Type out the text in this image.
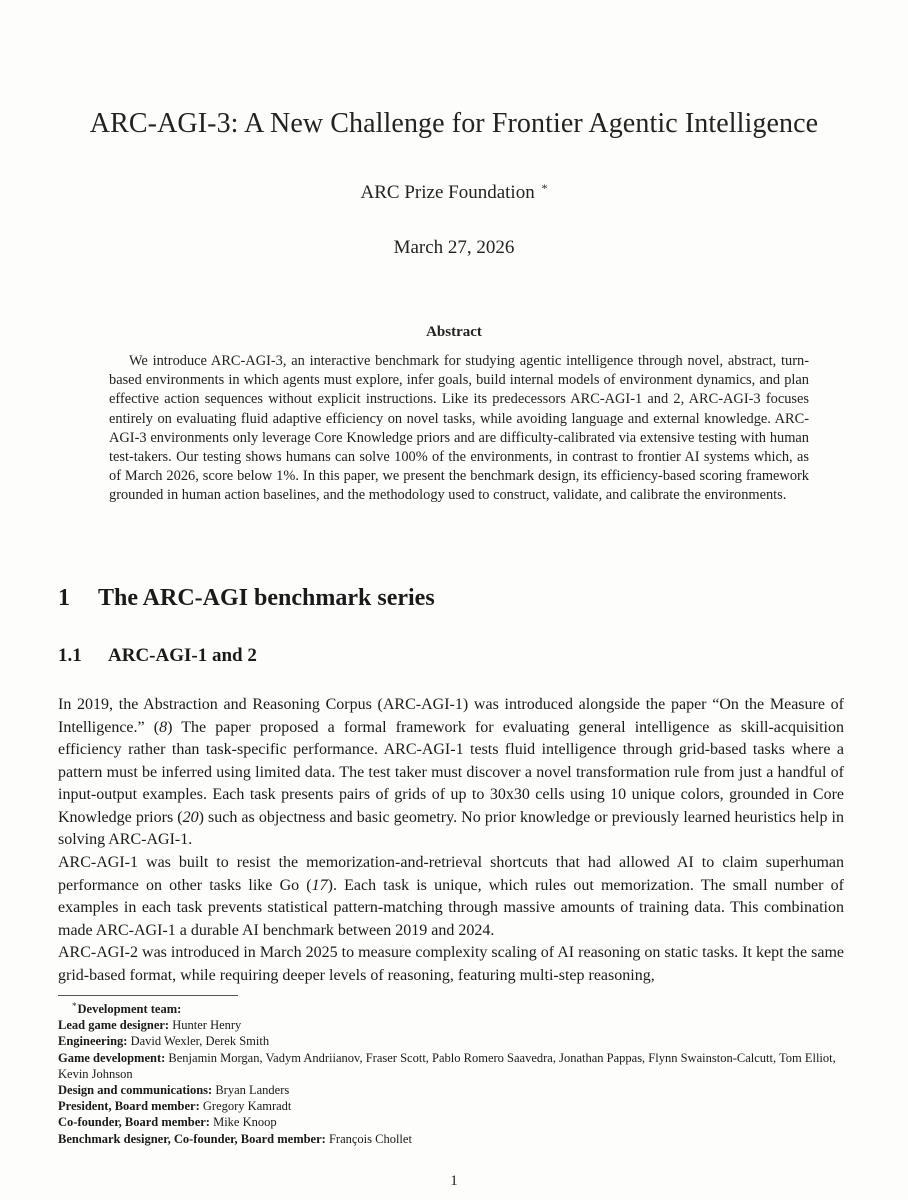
ARC-AGI-3: A New Challenge for Frontier Agentic Intelligence
ARC Prize Foundation *
March 27, 2026
Abstract
We introduce ARC-AGI-3, an interactive benchmark for studying agentic intelligence through novel, abstract, turn-based environments in which agents must explore, infer goals, build internal models of environment dynamics, and plan effective action sequences without explicit instructions. Like its predecessors ARC-AGI-1 and 2, ARC-AGI-3 focuses entirely on evaluating fluid adaptive efficiency on novel tasks, while avoiding language and external knowledge. ARC-AGI-3 environments only leverage Core Knowledge priors and are difficulty-calibrated via extensive testing with human test-takers. Our testing shows humans can solve 100% of the environments, in contrast to frontier AI systems which, as of March 2026, score below 1%. In this paper, we present the benchmark design, its efficiency-based scoring framework grounded in human action baselines, and the methodology used to construct, validate, and calibrate the environments.
1 The ARC-AGI benchmark series
1.1 ARC-AGI-1 and 2
In 2019, the Abstraction and Reasoning Corpus (ARC-AGI-1) was introduced alongside the paper “On the Measure of Intelligence.” (8) The paper proposed a formal framework for evaluating general intelligence as skill-acquisition efficiency rather than task-specific performance. ARC-AGI-1 tests fluid intelligence through grid-based tasks where a pattern must be inferred using limited data. The test taker must discover a novel transformation rule from just a handful of input-output examples. Each task presents pairs of grids of up to 30x30 cells using 10 unique colors, grounded in Core Knowledge priors (20) such as objectness and basic geometry. No prior knowledge or previously learned heuristics help in solving ARC-AGI-1.
ARC-AGI-1 was built to resist the memorization-and-retrieval shortcuts that had allowed AI to claim superhuman performance on other tasks like Go (17). Each task is unique, which rules out memorization. The small number of examples in each task prevents statistical pattern-matching through massive amounts of training data. This combination made ARC-AGI-1 a durable AI benchmark between 2019 and 2024.
ARC-AGI-2 was introduced in March 2025 to measure complexity scaling of AI reasoning on static tasks. It kept the same grid-based format, while requiring deeper levels of reasoning, featuring multi-step reasoning,
*Development team:
Lead game designer: Hunter Henry
Engineering: David Wexler, Derek Smith
Game development: Benjamin Morgan, Vadym Andriianov, Fraser Scott, Pablo Romero Saavedra, Jonathan Pappas, Flynn Swainston-Calcutt, Tom Elliot, Kevin Johnson
Design and communications: Bryan Landers
President, Board member: Gregory Kamradt
Co-founder, Board member: Mike Knoop
Benchmark designer, Co-founder, Board member: François Chollet
1
